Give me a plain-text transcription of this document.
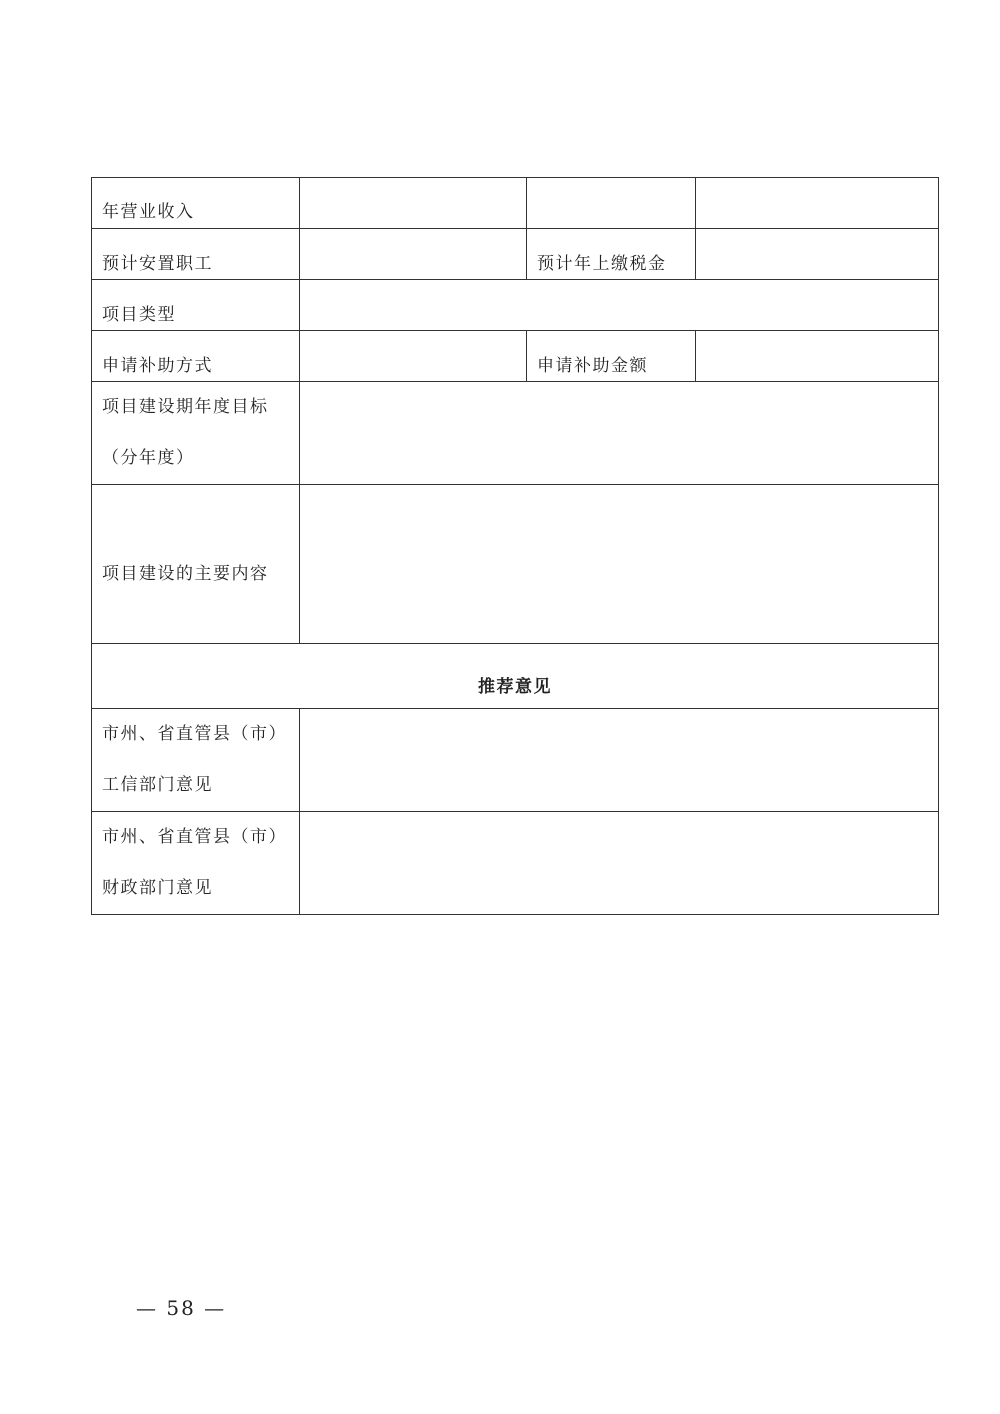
年营业收入			
预计安置职工		预计年上缴税金	
项目类型			
申请补助方式		申请补助金额	

项目建设期年度目标
（分年度）			

项目建设的主要内容			
推荐意见			

市州、省直管县（市）
工信部门意见			

市州、省直管县（市）
财政部门意见			

— 58 —
